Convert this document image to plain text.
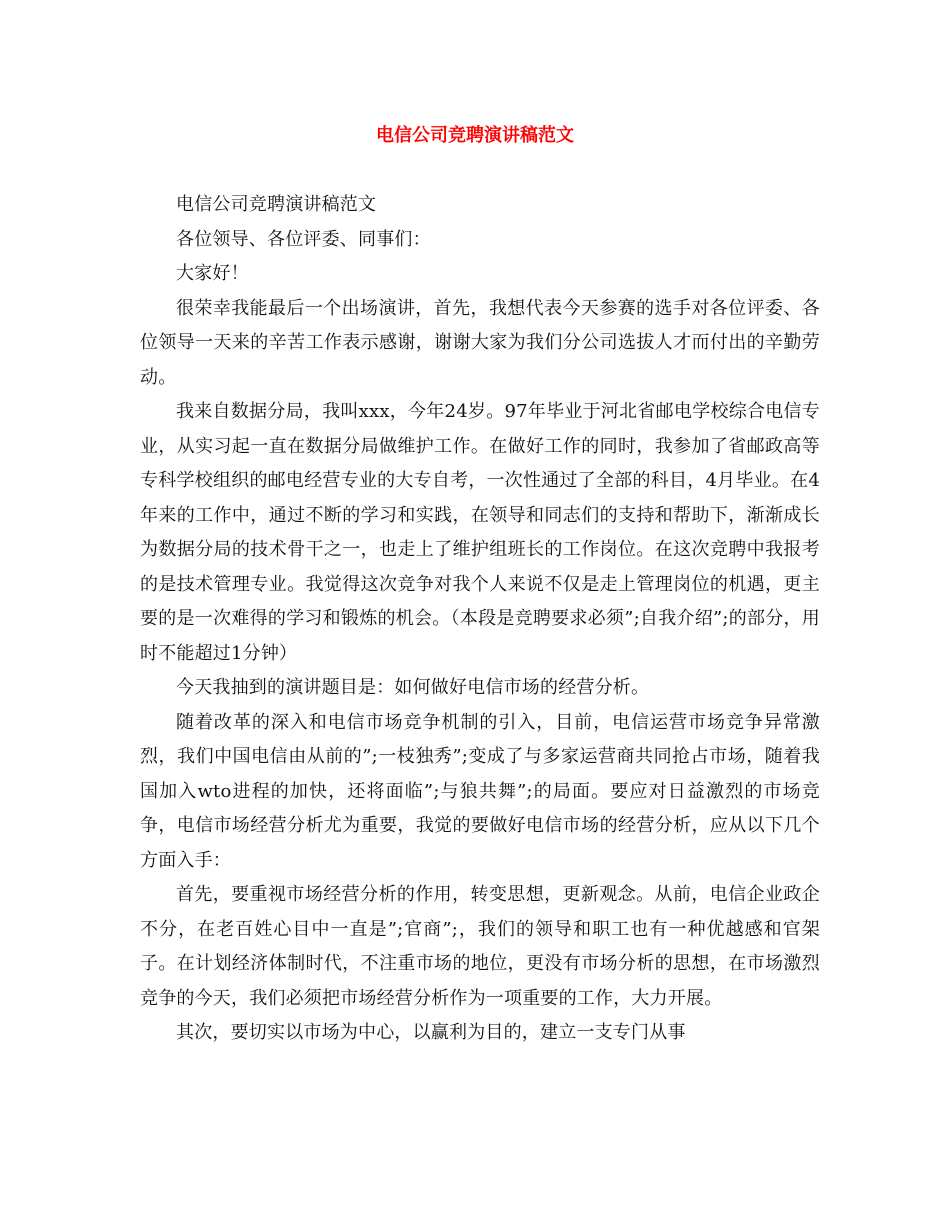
电信公司竞聘演讲稿范文

电信公司竞聘演讲稿范文

各位领导、各位评委、同事们：

大家好！

很荣幸我能最后一个出场演讲，首先，我想代表今天参赛的选手对各位评委、各位领导一天来的辛苦工作表示感谢，谢谢大家为我们分公司选拔人才而付出的辛勤劳动。

我来自数据分局，我叫xxx，今年24岁。97年毕业于河北省邮电学校综合电信专业，从实习起一直在数据分局做维护工作。在做好工作的同时，我参加了省邮政高等专科学校组织的邮电经营专业的大专自考，一次性通过了全部的科目，4月毕业。在4年来的工作中，通过不断的学习和实践，在领导和同志们的支持和帮助下，渐渐成长为数据分局的技术骨干之一，也走上了维护组班长的工作岗位。在这次竞聘中我报考的是技术管理专业。我觉得这次竞争对我个人来说不仅是走上管理岗位的机遇，更主要的是一次难得的学习和锻炼的机会。（本段是竞聘要求必须”;自我介绍”;的部分，用时不能超过1分钟）

今天我抽到的演讲题目是：如何做好电信市场的经营分析。

随着改革的深入和电信市场竞争机制的引入，目前，电信运营市场竞争异常激烈，我们中国电信由从前的”;一枝独秀”;变成了与多家运营商共同抢占市场，随着我国加入wto进程的加快，还将面临”;与狼共舞”;的局面。要应对日益激烈的市场竞争，电信市场经营分析尤为重要，我觉的要做好电信市场的经营分析，应从以下几个方面入手：

首先，要重视市场经营分析的作用，转变思想，更新观念。从前，电信企业政企不分，在老百姓心目中一直是”;官商”;，我们的领导和职工也有一种优越感和官架子。在计划经济体制时代，不注重市场的地位，更没有市场分析的思想，在市场激烈竞争的今天，我们必须把市场经营分析作为一项重要的工作，大力开展。

其次，要切实以市场为中心，以赢利为目的，建立一支专门从事
